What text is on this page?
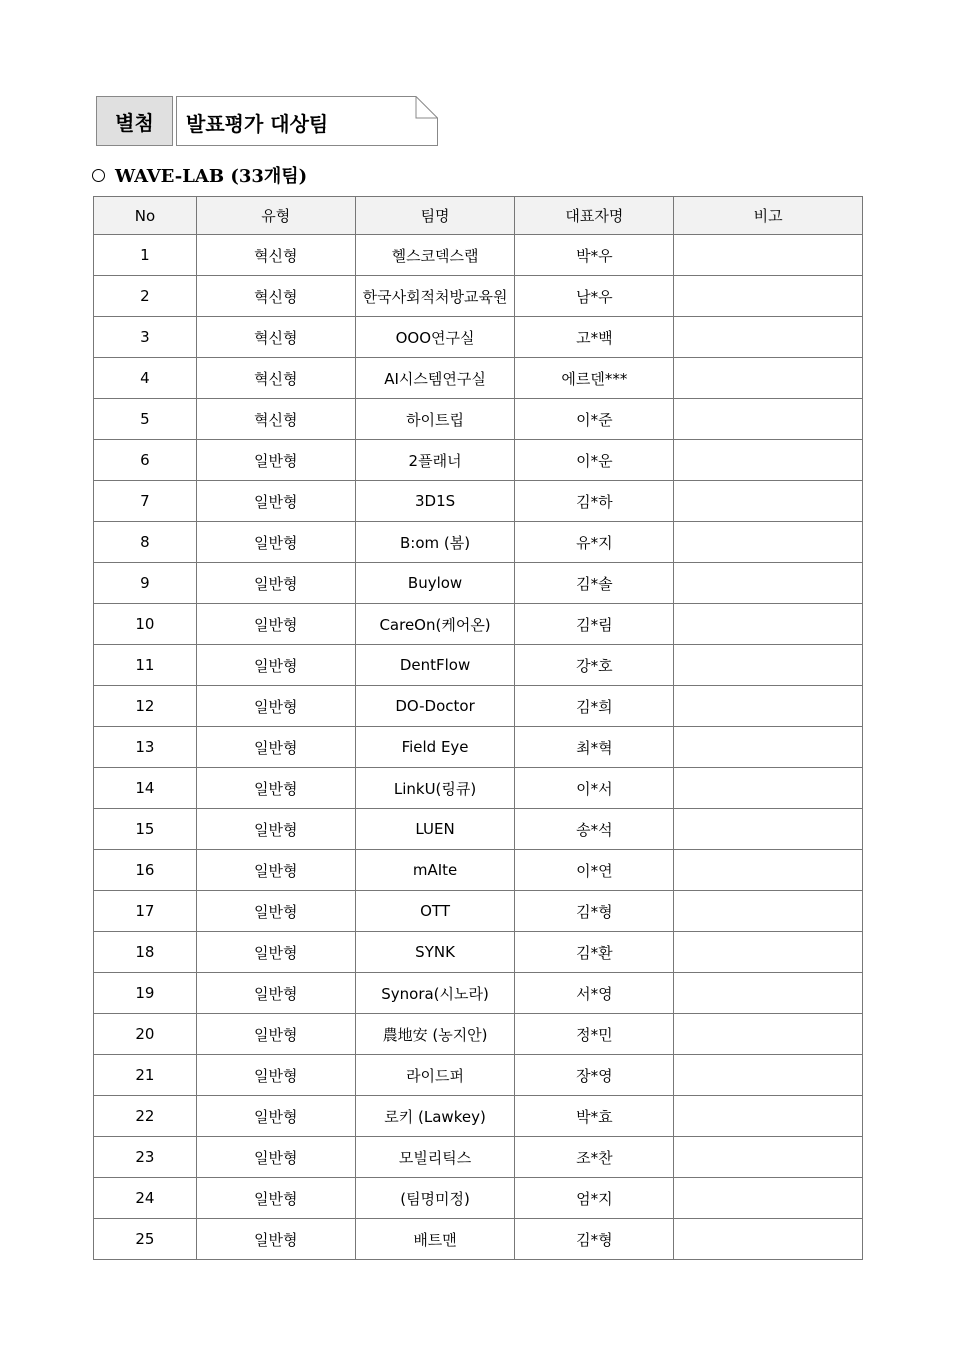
별첨 발표평가 대상팀
WAVE-LAB (33개팀)
No	유형	팀명	대표자명	비고
1	혁신형	헬스코덱스랩	박*우	
2	혁신형	한국사회적처방교육원	남*우	
3	혁신형	OOO연구실	고*백	
4	혁신형	AI시스템연구실	에르덴***	
5	혁신형	하이트립	이*준	
6	일반형	2플래너	이*운	
7	일반형	3D1S	김*하	
8	일반형	B:om (봄)	유*지	
9	일반형	Buylow	김*솔	
10	일반형	CareOn(케어온)	김*림	
11	일반형	DentFlow	강*호	
12	일반형	DO-Doctor	김*희	
13	일반형	Field Eye	최*혁	
14	일반형	LinkU(링큐)	이*서	
15	일반형	LUEN	송*석	
16	일반형	mAIte	이*연	
17	일반형	OTT	김*형	
18	일반형	SYNK	김*환	
19	일반형	Synora(시노라)	서*영	
20	일반형	農地安 (농지안)	정*민	
21	일반형	라이드퍼	장*영	
22	일반형	로키 (Lawkey)	박*효	
23	일반형	모빌리틱스	조*찬	
24	일반형	(팀명미정)	엄*지	
25	일반형	배트맨	김*형	
